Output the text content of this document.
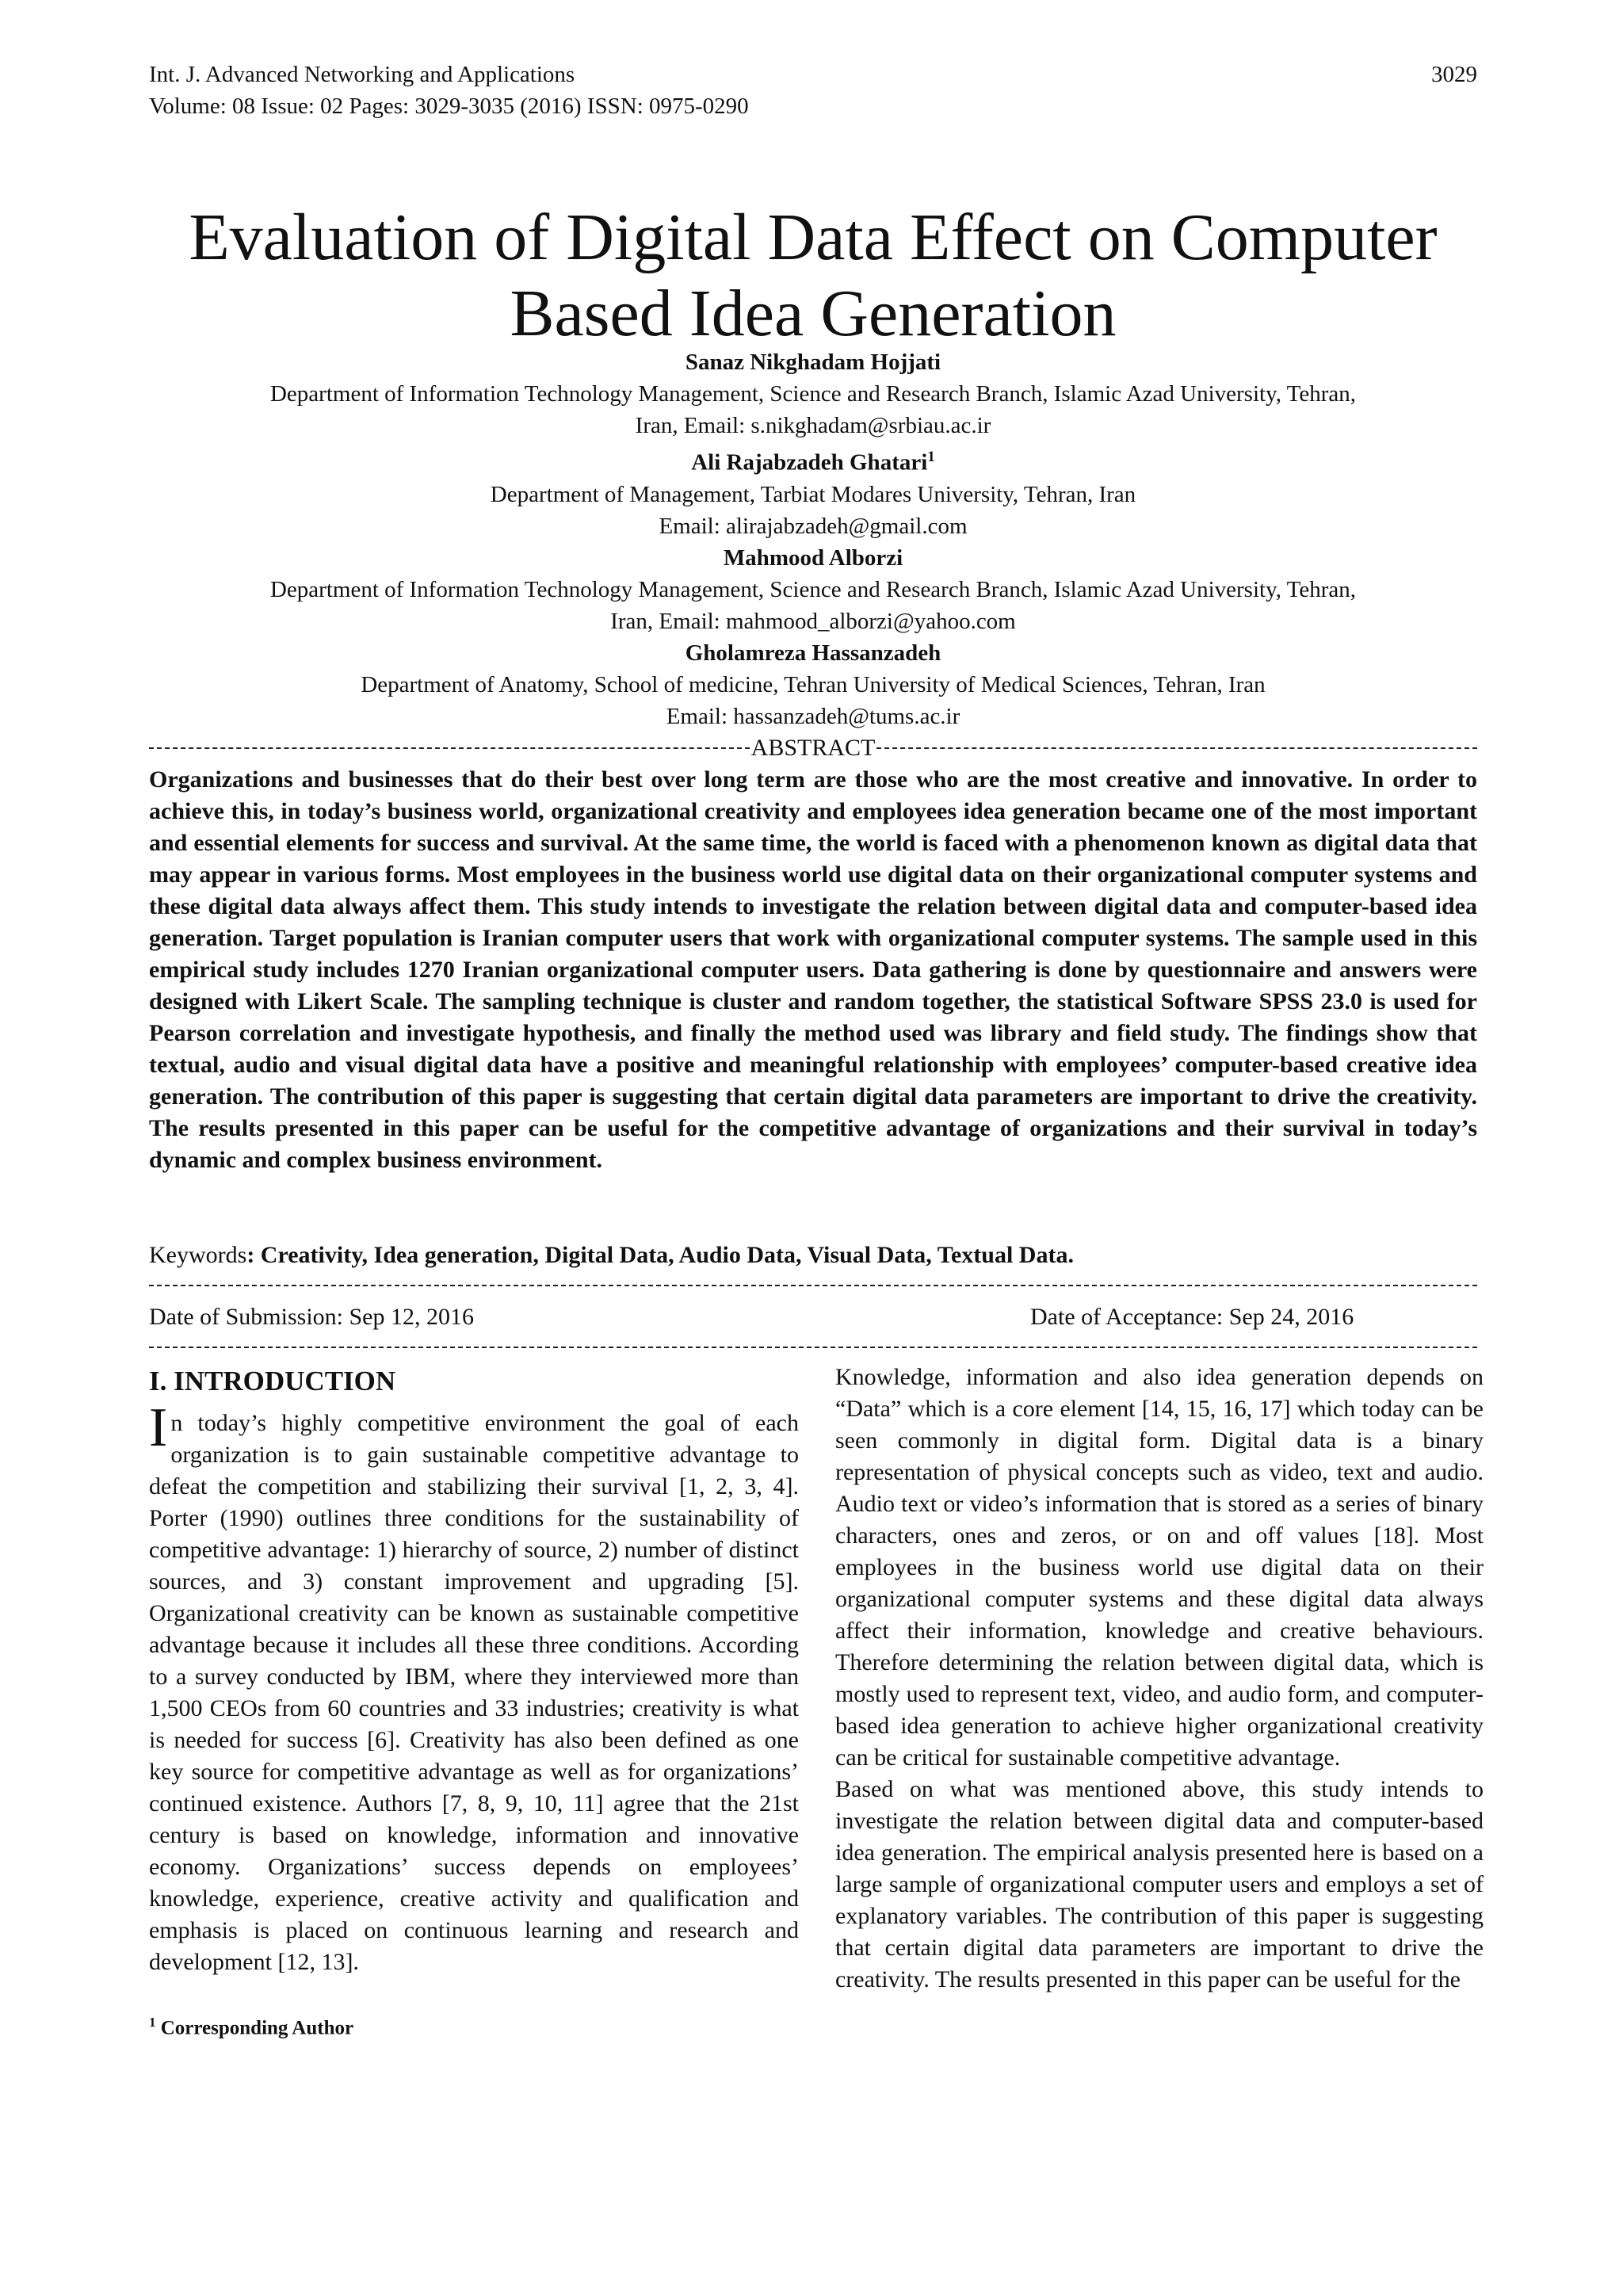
Int. J. Advanced Networking and Applications
Volume: 08 Issue: 02 Pages: 3029-3035 (2016) ISSN: 0975-0290
3029
Evaluation of Digital Data Effect on Computer
Based Idea Generation
Sanaz Nikghadam Hojjati
Department of Information Technology Management, Science and Research Branch, Islamic Azad University, Tehran,
Iran, Email: s.nikghadam@srbiau.ac.ir
Ali Rajabzadeh Ghatari$^1$
Department of Management, Tarbiat Modares University, Tehran, Iran
Email: alirajabzadeh@gmail.com
Mahmood Alborzi
Department of Information Technology Management, Science and Research Branch, Islamic Azad University, Tehran,
Iran, Email: mahmood_alborzi@yahoo.com
Gholamreza Hassanzadeh
Department of Anatomy, School of medicine, Tehran University of Medical Sciences, Tehran, Iran
Email: hassanzadeh@tums.ac.ir
ABSTRACT

Organizations and businesses that do their best over long term are those who are the most creative and innovative. In order to achieve this, in today’s business world, organizational creativity and employees idea generation became one of the most important and essential elements for success and survival. At the same time, the world is faced with a phenomenon known as digital data that may appear in various forms. Most employees in the business world use digital data on their organizational computer systems and these digital data always affect them. This study intends to investigate the relation between digital data and computer-based idea generation. Target population is Iranian computer users that work with organizational computer systems. The sample used in this empirical study includes 1270 Iranian organizational computer users. Data gathering is done by questionnaire and answers were designed with Likert Scale. The sampling technique is cluster and random together, the statistical Software SPSS 23.0 is used for Pearson correlation and investigate hypothesis, and finally the method used was library and field study. The findings show that textual, audio and visual digital data have a positive and meaningful relationship with employees’ computer-based creative idea generation. The contribution of this paper is suggesting that certain digital data parameters are important to drive the creativity. The results presented in this paper can be useful for the competitive advantage of organizations and their survival in today’s dynamic and complex business environment.

Keywords: Creativity, Idea generation, Digital Data, Audio Data, Visual Data, Textual Data.
Date of Submission: Sep 12, 2016	Date of Acceptance: Sep 24, 2016
I. INTRODUCTION

In today’s highly competitive environment the goal of each organization is to gain sustainable competitive advantage to defeat the competition and stabilizing their survival [1, 2, 3, 4]. Porter (1990) outlines three conditions for the sustainability of competitive advantage: 1) hierarchy of source, 2) number of distinct sources, and 3) constant improvement and upgrading [5]. Organizational creativity can be known as sustainable competitive advantage because it includes all these three conditions. According to a survey conducted by IBM, where they interviewed more than 1,500 CEOs from 60 countries and 33 industries; creativity is what is needed for success [6]. Creativity has also been defined as one key source for competitive advantage as well as for organizations’ continued existence. Authors [7, 8, 9, 10, 11] agree that the 21st century is based on knowledge, information and innovative economy. Organizations’ success depends on employees’ knowledge, experience, creative activity and qualification and emphasis is placed on continuous learning and research and development [12, 13].

$^1$ Corresponding Author

Knowledge, information and also idea generation depends on “Data” which is a core element [14, 15, 16, 17] which today can be seen commonly in digital form. Digital data is a binary representation of physical concepts such as video, text and audio. Audio text or video’s information that is stored as a series of binary characters, ones and zeros, or on and off values [18]. Most employees in the business world use digital data on their organizational computer systems and these digital data always affect their information, knowledge and creative behaviours. Therefore determining the relation between digital data, which is mostly used to represent text, video, and audio form, and computer-based idea generation to achieve higher organizational creativity can be critical for sustainable competitive advantage.

Based on what was mentioned above, this study intends to investigate the relation between digital data and computer-based idea generation. The empirical analysis presented here is based on a large sample of organizational computer users and employs a set of explanatory variables. The contribution of this paper is suggesting that certain digital data parameters are important to drive the creativity. The results presented in this paper can be useful for the
